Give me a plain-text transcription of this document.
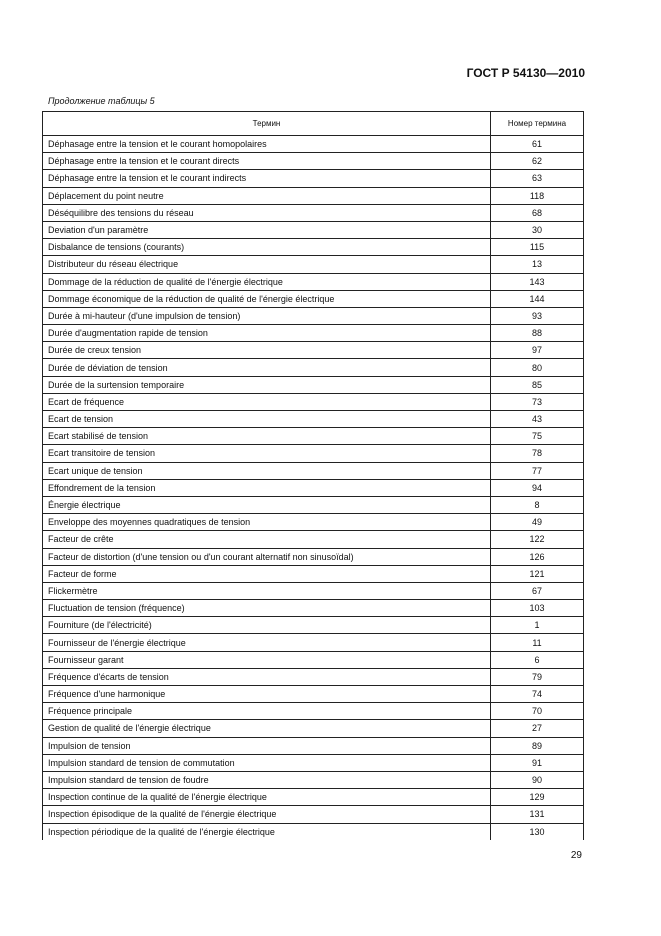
ГОСТ Р 54130—2010
Продолжение таблицы 5
Термин	Номер термина
Déphasage entre la tension et le courant homopolaires	61
Déphasage entre la tension et le courant directs	62
Déphasage entre la tension et le courant indirects	63
Déplacement du point neutre	118
Déséquilibre des tensions du réseau	68
Deviation d'un paramètre	30
Disbalance de tensions (courants)	115
Distributeur du réseau électrique	13
Dommage de la réduction de qualité de l'énergie électrique	143
Dommage économique de la réduction de qualité de l'énergie électrique	144
Durée à mi-hauteur (d'une impulsion de tension)	93
Durée d'augmentation rapide de tension	88
Durée de creux tension	97
Durée de déviation de tension	80
Durée de la surtension temporaire	85
Ecart de fréquence	73
Ecart de tension	43
Ecart stabilisé de tension	75
Ecart transitoire de tension	78
Ecart unique de tension	77
Effondrement de la tension	94
Énergie électrique	8
Enveloppe des moyennes quadratiques de tension	49
Facteur de crête	122
Facteur de distortion (d'une tension ou d'un courant alternatif non sinusoïdal)	126
Facteur de forme	121
Flickermètre	67
Fluctuation de tension (fréquence)	103
Fourniture (de l'électricité)	1
Fournisseur de l'énergie électrique	11
Fournisseur garant	6
Fréquence d'écarts de tension	79
Fréquence d'une harmonique	74
Fréquence principale	70
Gestion de qualité de l'énergie électrique	27
Impulsion de tension	89
Impulsion standard de tension de commutation	91
Impulsion standard de tension de foudre	90
Inspection continue de la qualité de l'énergie électrique	129
Inspection épisodique de la qualité de l'énergie électrique	131
Inspection périodique de la qualité de l'énergie électrique	130
29
